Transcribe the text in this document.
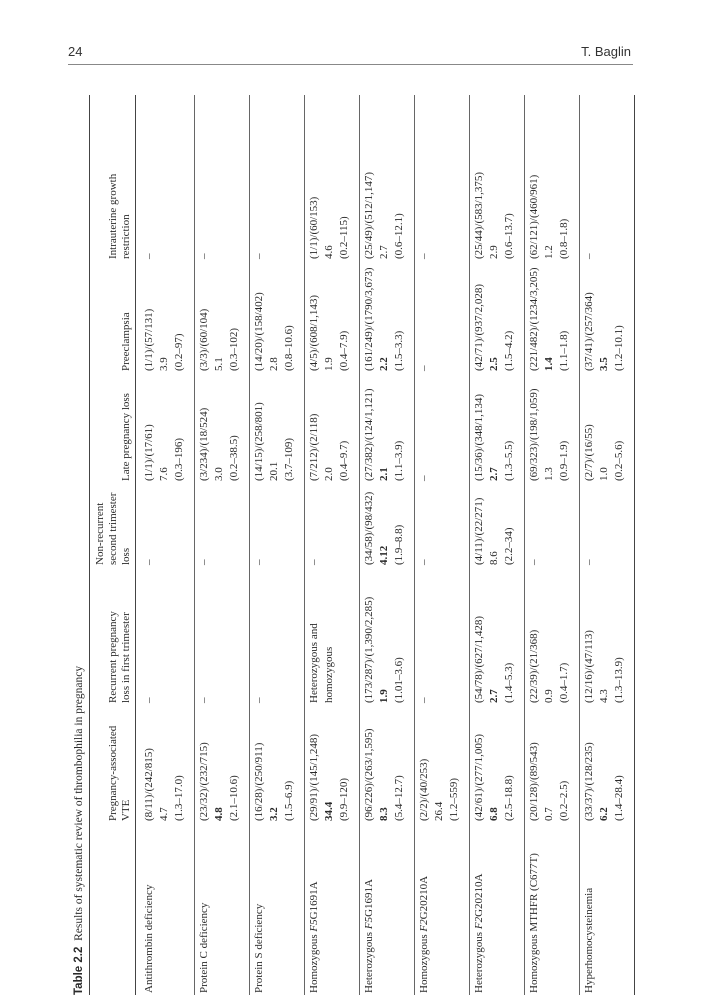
24	T. Baglin
Table 2.2  Results of systematic review of thrombophilia in pregnancy Pregnancy-associated VTE
Recurrent pregnancy loss in first trimester
Non-recurrent second trimester loss
Late pregnancy loss
Preeclampsia
Intrauterine growth restriction
Antithrombin deficiency
(8/11)/(242/815) 4.7 (1.3–17.0)
–
–
(1/1)/(17/61) 7.6 (0.3–196)
(1/1)/(57/131) 3.9 (0.2–97)
–
Protein C deficiency
(23/32)/(232/715) 4.8 (2.1–10.6)
–
–
(3/234)/(18/524) 3.0 (0.2–38.5)
(3/3)/(60/104) 5.1 (0.3–102)
–
Protein S deficiency
(16/28)/(250/911) 3.2 (1.5–6.9)
–
–
(14/15)/(258/801) 20.1 (3.7–109)
(14/20)/(158/402) 2.8 (0.8–10.6)
–
Homozygous F5G1691A
(29/91)/(145/1,248) 34.4 (9.9–120)
Heterozygous and homozygous
–
(7/212)/(2/118) 2.0 (0.4–9.7)
(4/5)/(608/1,143) 1.9 (0.4–7.9)
(1/1)/(60/153) 4.6 (0.2–115)
Heterozygous F5G1691A
(96/226)/(263/1,595) 8.3 (5.4–12.7)
(173/287)/(1,390/2,285) 1.9 (1.01–3.6)
(34/58)/(98/432) 4.12 (1.9–8.8)
(27/382)/(124/1,121) 2.1 (1.1–3.9)
(161/249)/(1790/3,673) 2.2 (1.5–3.3)
(25/49)/(512/1,147) 2.7 (0.6–12.1)
Homozygous F2G20210A
(2/2)/(40/253) 26.4 (1.2–559)
–
–
–
–
–
Heterozygous F2G20210A
(42/61)/(277/1,005) 6.8 (2.5–18.8)
(54/78)/(627/1,428) 2.7 (1.4–5.3)
(4/11)/(22/271) 8.6 (2.2–34)
(15/36)/(348/1,134) 2.7 (1.3–5.5)
(42/71)/(937/2,028) 2.5 (1.5–4.2)
(25/44)/(583/1,375) 2.9 (0.6–13.7)
Homozygous MTHFR (C677T)
(20/128)/(89/543) 0.7 (0.2–2.5)
(22/39)/(21/368) 0.9 (0.4–1.7)
–
(69/323)/(198/1,059) 1.3 (0.9–1.9)
(221/482)/(1234/3,205) 1.4 (1.1–1.8)
(62/121)/(460/961) 1.2 (0.8–1.8)
Hyperhomocysteinemia
(33/37)/(128/235) 6.2 (1.4–28.4)
(12/16)/(47/113) 4.3 (1.3–13.9)
–
(2/7)/(16/55) 1.0 (0.2–5.6)
(37/41)/(257/364) 3.5 (1.2–10.1)
–
